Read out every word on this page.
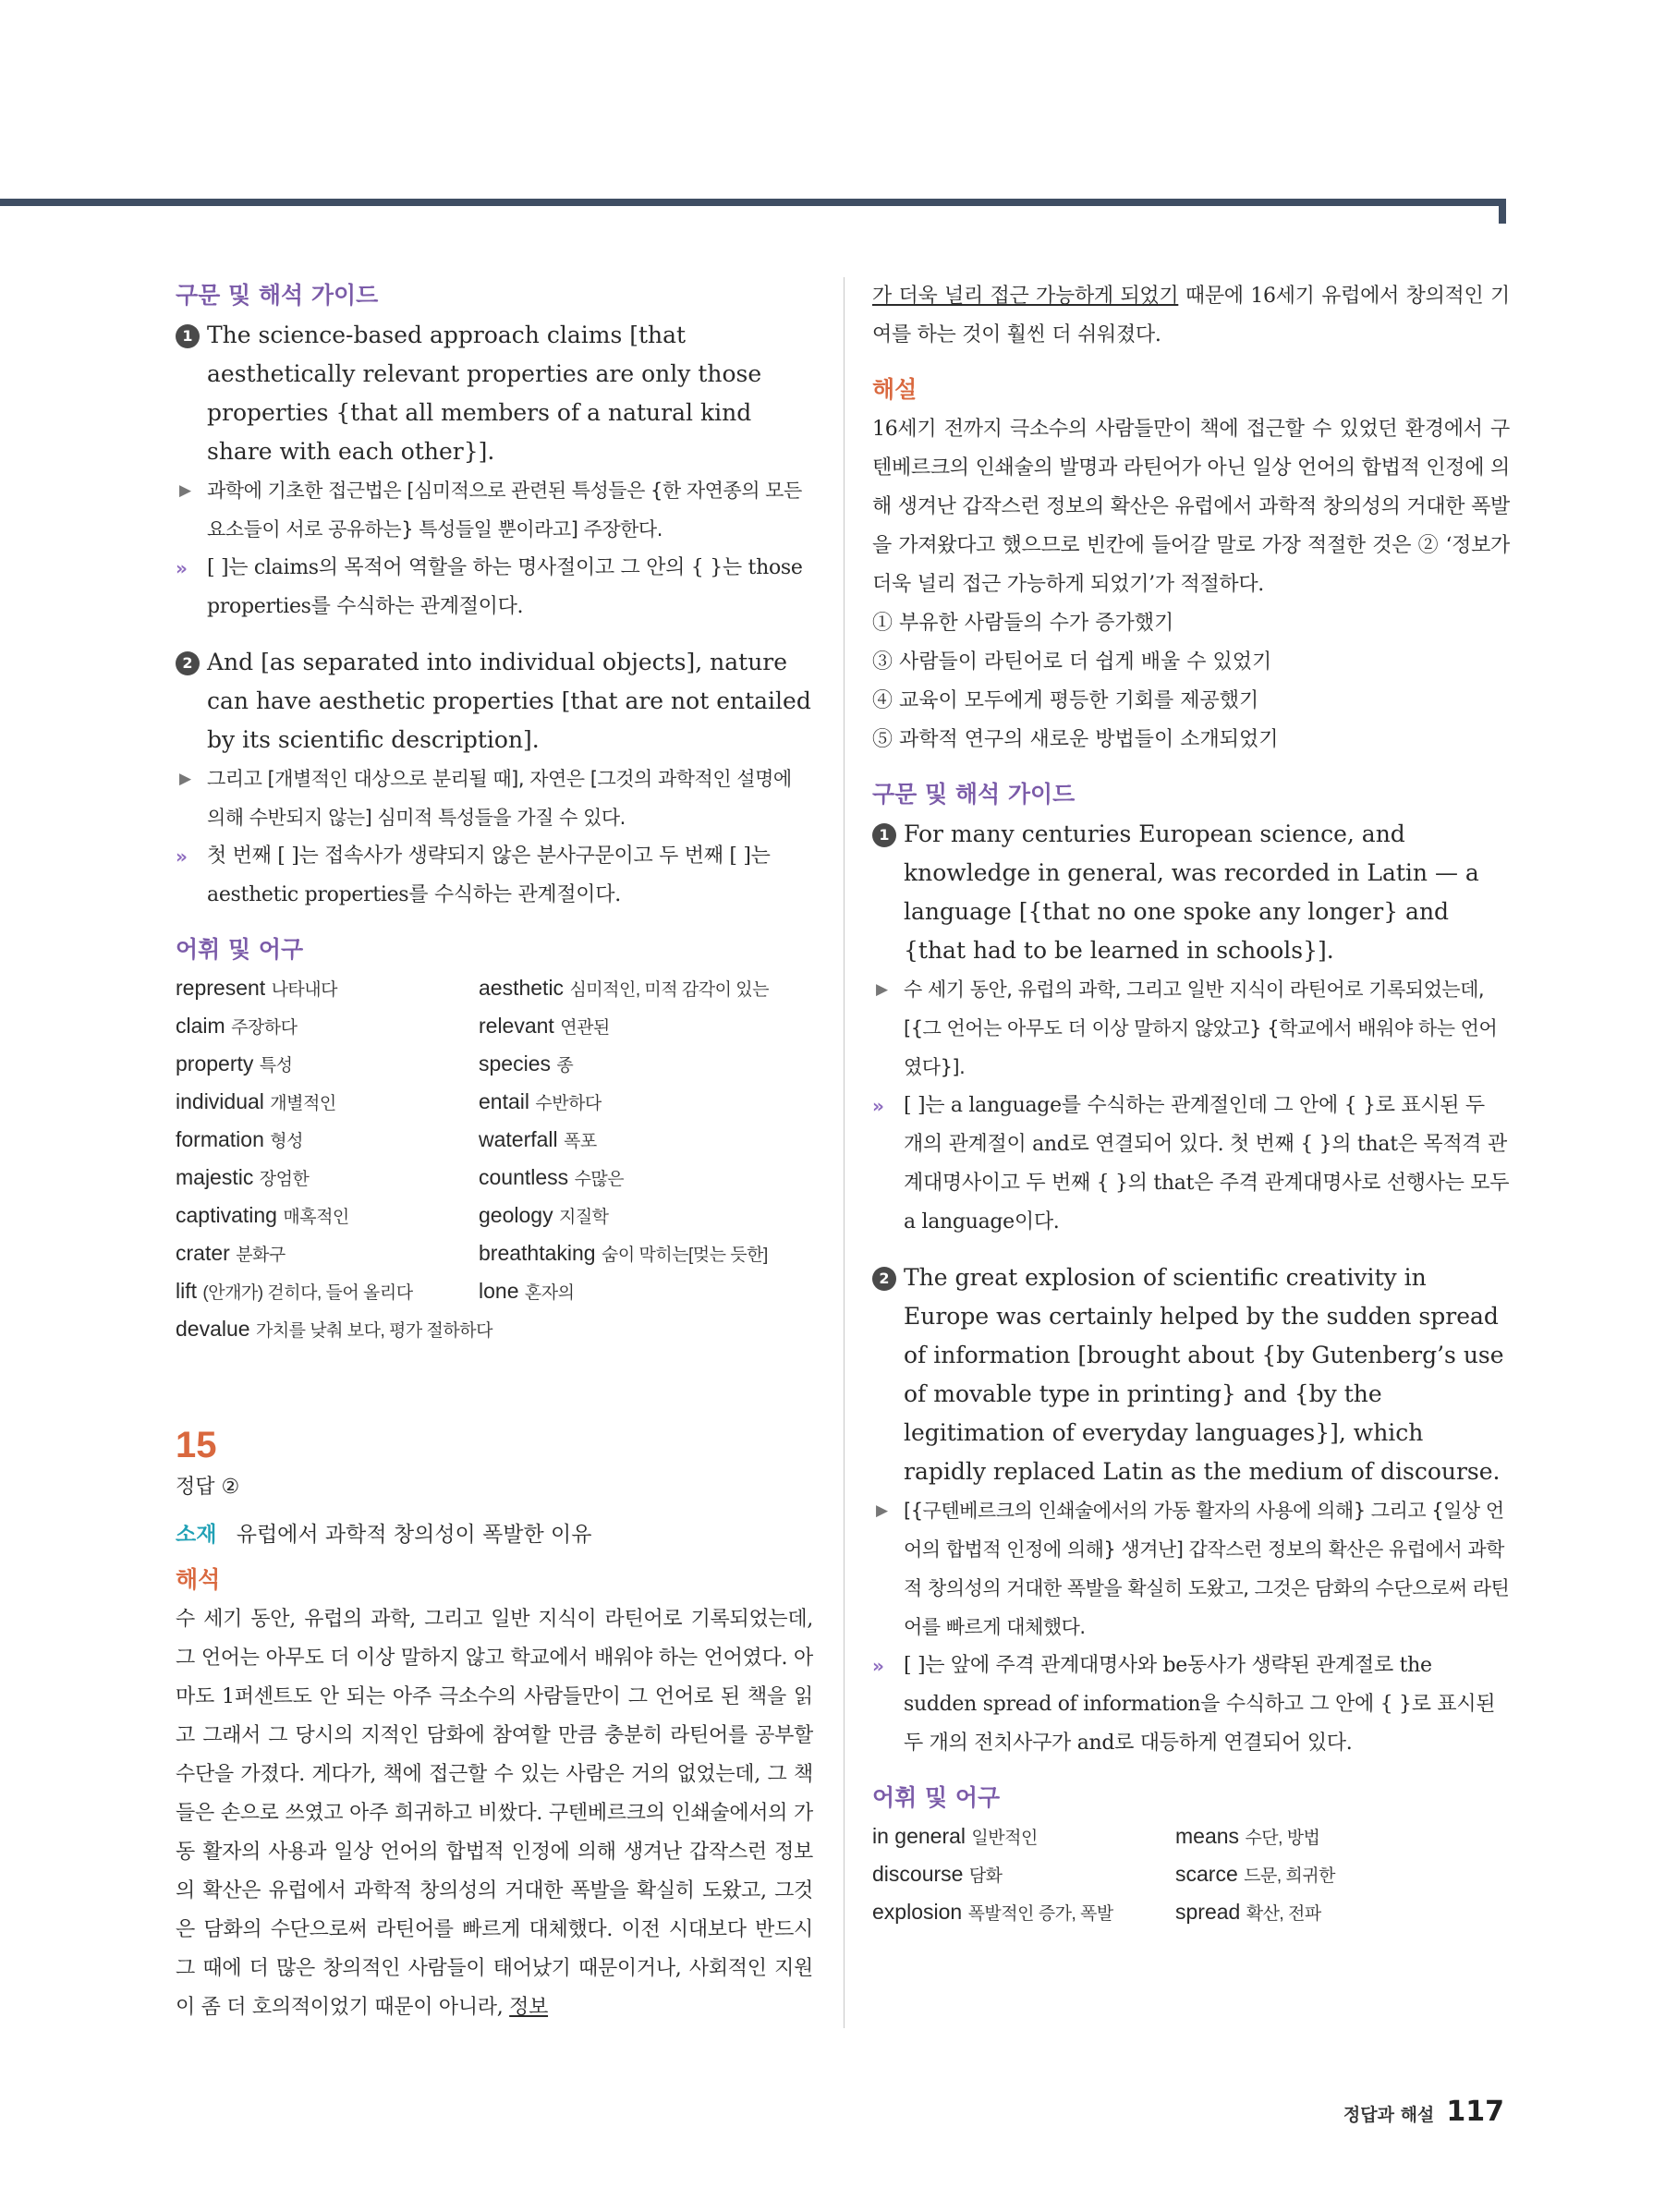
구문 및 해석 가이드
1 The science-based approach claims [that aesthetically relevant properties are only those properties {that all members of a natural kind share with each other}].
▶ 과학에 기초한 접근법은 [심미적으로 관련된 특성들은 {한 자연종의 모든 요소들이 서로 공유하는} 특성들일 뿐이라고] 주장한다.
» [ ]는 claims의 목적어 역할을 하는 명사절이고 그 안의 { }는 those properties를 수식하는 관계절이다.
2 And [as separated into individual objects], nature can have aesthetic properties [that are not entailed by its scientific description].
▶ 그리고 [개별적인 대상으로 분리될 때], 자연은 [그것의 과학적인 설명에 의해 수반되지 않는] 심미적 특성들을 가질 수 있다.
» 첫 번째 [ ]는 접속사가 생략되지 않은 분사구문이고 두 번째 [ ]는 aesthetic properties를 수식하는 관계절이다.
어휘 및 어구
represent 나타내다	aesthetic 심미적인, 미적 감각이 있는
claim 주장하다	relevant 연관된
property 특성	species 종
individual 개별적인	entail 수반하다
formation 형성	waterfall 폭포
majestic 장엄한	countless 수많은
captivating 매혹적인	geology 지질학
crater 분화구	breathtaking 숨이 막히는[멎는 듯한]
lift (안개가) 걷히다, 들어 올리다	lone 혼자의
devalue 가치를 낮춰 보다, 평가 절하하다
15
정답 ②
소재 유럽에서 과학적 창의성이 폭발한 이유
해석
수 세기 동안, 유럽의 과학, 그리고 일반 지식이 라틴어로 기록되었는데, 그 언어는 아무도 더 이상 말하지 않고 학교에서 배워야 하는 언어였다. 아마도 1퍼센트도 안 되는 아주 극소수의 사람들만이 그 언어로 된 책을 읽고 그래서 그 당시의 지적인 담화에 참여할 만큼 충분히 라틴어를 공부할 수단을 가졌다. 게다가, 책에 접근할 수 있는 사람은 거의 없었는데, 그 책들은 손으로 쓰였고 아주 희귀하고 비쌌다. 구텐베르크의 인쇄술에서의 가동 활자의 사용과 일상 언어의 합법적 인정에 의해 생겨난 갑작스런 정보의 확산은 유럽에서 과학적 창의성의 거대한 폭발을 확실히 도왔고, 그것은 담화의 수단으로써 라틴어를 빠르게 대체했다. 이전 시대보다 반드시 그 때에 더 많은 창의적인 사람들이 태어났기 때문이거나, 사회적인 지원이 좀 더 호의적이었기 때문이 아니라, 정보
가 더욱 널리 접근 가능하게 되었기 때문에 16세기 유럽에서 창의적인 기여를 하는 것이 훨씬 더 쉬워졌다.
해설
16세기 전까지 극소수의 사람들만이 책에 접근할 수 있었던 환경에서 구텐베르크의 인쇄술의 발명과 라틴어가 아닌 일상 언어의 합법적 인정에 의해 생겨난 갑작스런 정보의 확산은 유럽에서 과학적 창의성의 거대한 폭발을 가져왔다고 했으므로 빈칸에 들어갈 말로 가장 적절한 것은 ② ‘정보가 더욱 널리 접근 가능하게 되었기’가 적절하다.
① 부유한 사람들의 수가 증가했기
③ 사람들이 라틴어로 더 쉽게 배울 수 있었기
④ 교육이 모두에게 평등한 기회를 제공했기
⑤ 과학적 연구의 새로운 방법들이 소개되었기
구문 및 해석 가이드
1 For many centuries European science, and knowledge in general, was recorded in Latin — a language [{that no one spoke any longer} and {that had to be learned in schools}].
▶ 수 세기 동안, 유럽의 과학, 그리고 일반 지식이 라틴어로 기록되었는데, [{그 언어는 아무도 더 이상 말하지 않았고} {학교에서 배워야 하는 언어였다}].
» [ ]는 a language를 수식하는 관계절인데 그 안에 { }로 표시된 두 개의 관계절이 and로 연결되어 있다. 첫 번째 { }의 that은 목적격 관계대명사이고 두 번째 { }의 that은 주격 관계대명사로 선행사는 모두 a language이다.
2 The great explosion of scientific creativity in Europe was certainly helped by the sudden spread of information [brought about {by Gutenberg’s use of movable type in printing} and {by the legitimation of everyday languages}], which rapidly replaced Latin as the medium of discourse.
▶ [{구텐베르크의 인쇄술에서의 가동 활자의 사용에 의해} 그리고 {일상 언어의 합법적 인정에 의해} 생겨난] 갑작스런 정보의 확산은 유럽에서 과학적 창의성의 거대한 폭발을 확실히 도왔고, 그것은 담화의 수단으로써 라틴어를 빠르게 대체했다.
» [ ]는 앞에 주격 관계대명사와 be동사가 생략된 관계절로 the sudden spread of information을 수식하고 그 안에 { }로 표시된 두 개의 전치사구가 and로 대등하게 연결되어 있다.
어휘 및 어구
in general 일반적인	means 수단, 방법
discourse 담화	scarce 드문, 희귀한
explosion 폭발적인 증가, 폭발	spread 확산, 전파
정답과 해설 117
